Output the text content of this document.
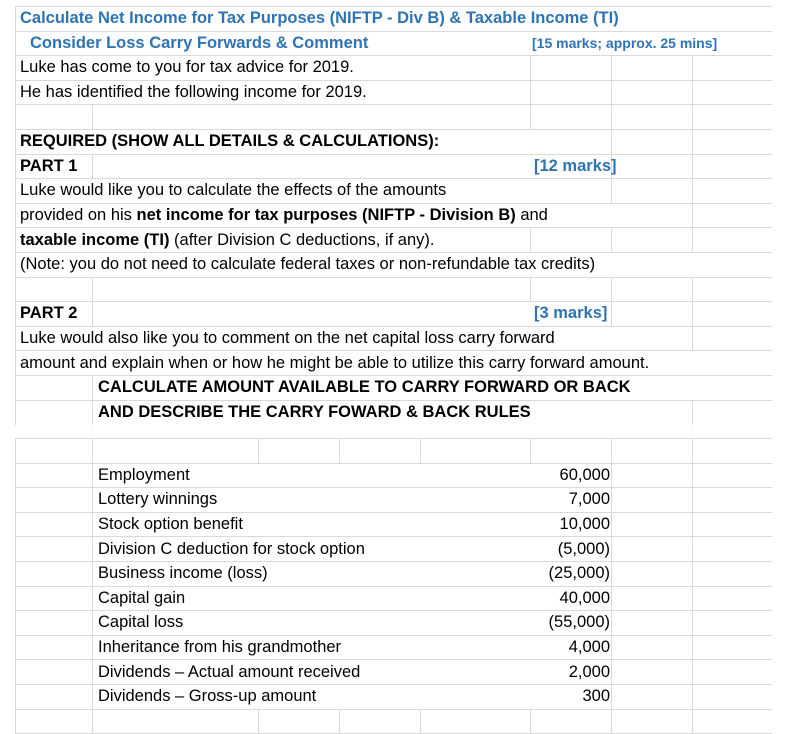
Calculate Net Income for Tax Purposes (NIFTP - Div B) & Taxable Income (TI)
Consider Loss Carry Forwards & Comment	[15 marks; approx. 25 mins]
Luke has come to you for tax advice for 2019.
He has identified the following income for 2019.
REQUIRED (SHOW ALL DETAILS & CALCULATIONS):
PART 1	[12 marks]
Luke would like you to calculate the effects of the amounts
provided on his net income for tax purposes (NIFTP - Division B) and
taxable income (TI) (after Division C deductions, if any).
(Note: you do not need to calculate federal taxes or non-refundable tax credits)
PART 2	[3 marks]
Luke would also like you to comment on the net capital loss carry forward
amount and explain when or how he might be able to utilize this carry forward amount.
CALCULATE AMOUNT AVAILABLE TO CARRY FORWARD OR BACK
AND DESCRIBE THE CARRY FOWARD & BACK RULES
Employment	60,000
Lottery winnings	7,000
Stock option benefit	10,000
Division C deduction for stock option	(5,000)
Business income (loss)	(25,000)
Capital gain	40,000
Capital loss	(55,000)
Inheritance from his grandmother	4,000
Dividends – Actual amount received	2,000
Dividends – Gross-up amount	300
